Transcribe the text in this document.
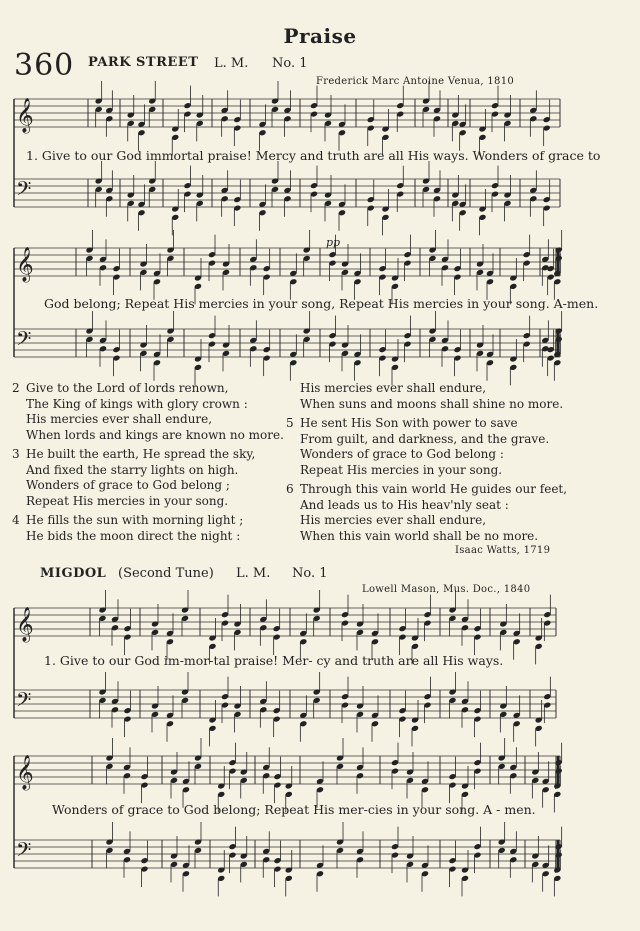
Praise
360 PARK STREET L. M. No. 1
Frederick Marc Antoine Venua, 1810
𝄞
𝄢
𝄞
𝄢
𝄞
𝄢
𝄞
𝄢
1. Give to our God immortal praise! Mercy and truth are all His ways. Wonders of grace to
God belong; Repeat His mercies in your song, Repeat His mercies in your song. A-men.
pp
2 Give to the Lord of lords renown,
The King of kings with glory crown :
His mercies ever shall endure,
When lords and kings are known no more.
3 He built the earth, He spread the sky,
And fixed the starry lights on high.
Wonders of grace to God belong ;
Repeat His mercies in your song.
4 He fills the sun with morning light ;
He bids the moon direct the night :
His mercies ever shall endure,
When suns and moons shall shine no more.
5 He sent His Son with power to save
From guilt, and darkness, and the grave.
Wonders of grace to God belong :
Repeat His mercies in your song.
6 Through this vain world He guides our feet,
And leads us to His heav'nly seat :
His mercies ever shall endure,
When this vain world shall be no more.
Isaac Watts, 1719
MIGDOL (Second Tune) L. M. No. 1
Lowell Mason, Mus. Doc., 1840
1. Give to our God im-mor-tal praise! Mer- cy and truth are all His ways.
Wonders of grace to God belong; Repeat His mer-cies in your song. A - men.
